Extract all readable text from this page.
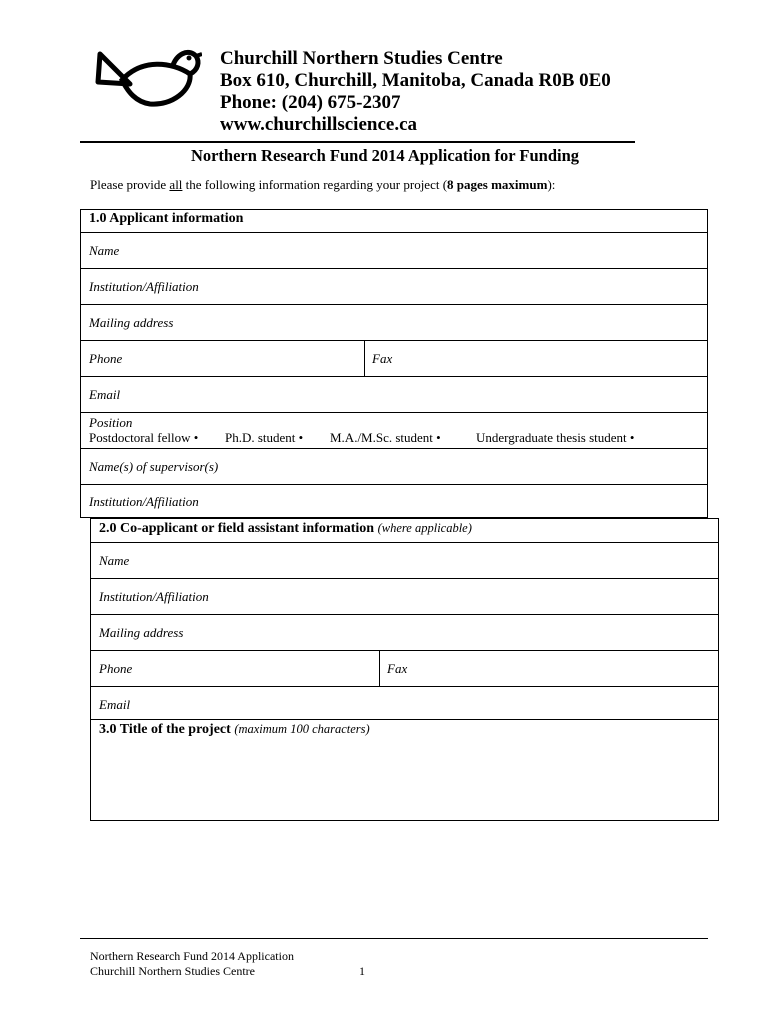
Churchill Northern Studies Centre
Box 610, Churchill, Manitoba, Canada R0B 0E0
Phone: (204) 675-2307
www.churchillscience.ca
Northern Research Fund 2014 Application for Funding
Please provide all the following information regarding your project (8 pages maximum):
1.0 Applicant information
Name
Institution/Affiliation
Mailing address
Phone	Fax
Email
Position
Postdoctoral fellow • Ph.D. student • M.A./M.Sc. student •	Undergraduate thesis student •
Name(s) of supervisor(s)
Institution/Affiliation
2.0 Co-applicant or field assistant information (where applicable)
Name
Institution/Affiliation
Mailing address
Phone	Fax
Email
3.0 Title of the project (maximum 100 characters)
Northern Research Fund 2014 Application
Churchill Northern Studies Centre	1
